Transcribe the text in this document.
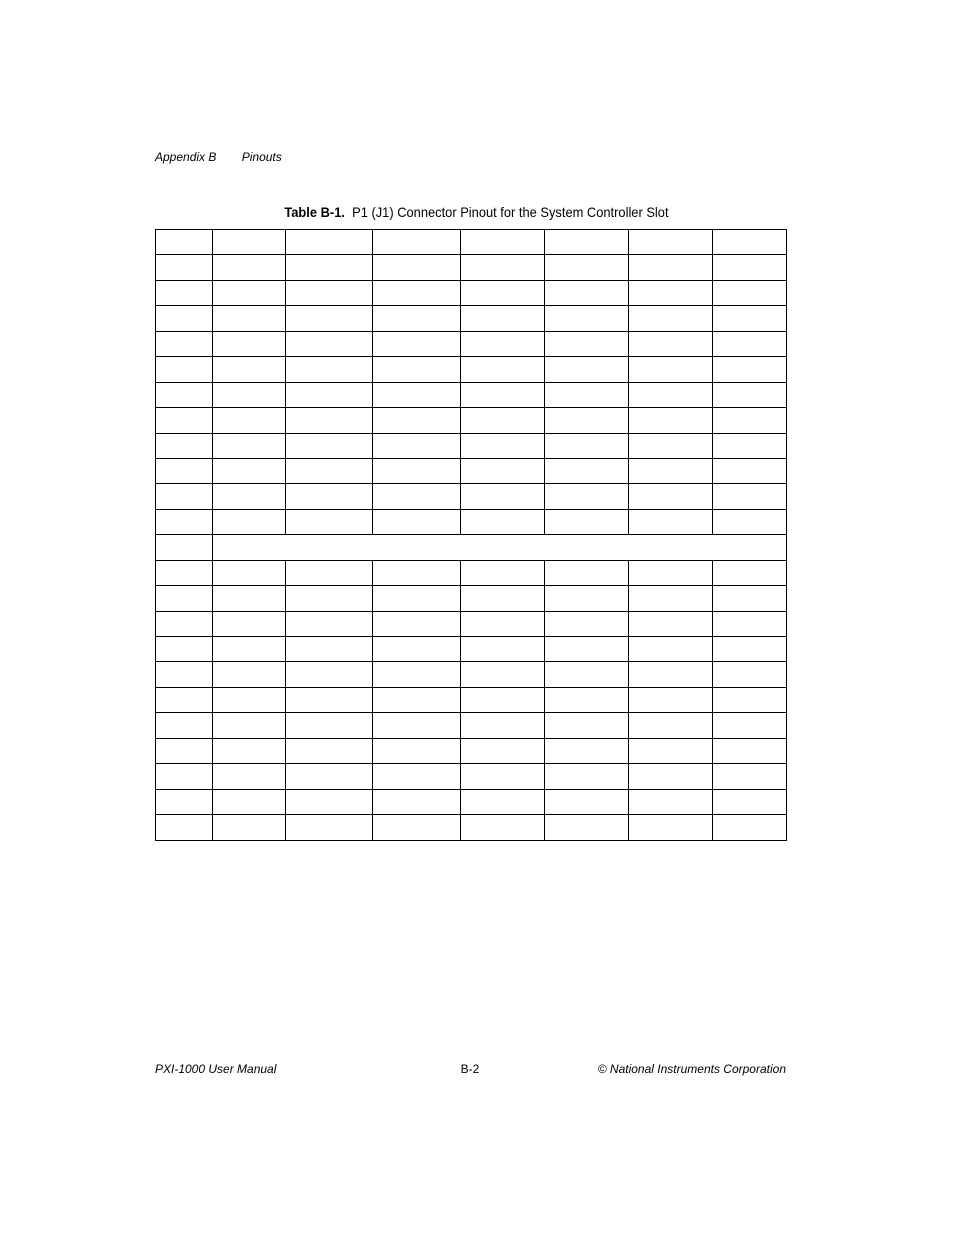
Appendix B Pinouts
Table B-1. P1 (J1) Connector Pinout for the System Controller Slot

PXI-1000 User Manual	B-2	© National Instruments Corporation
